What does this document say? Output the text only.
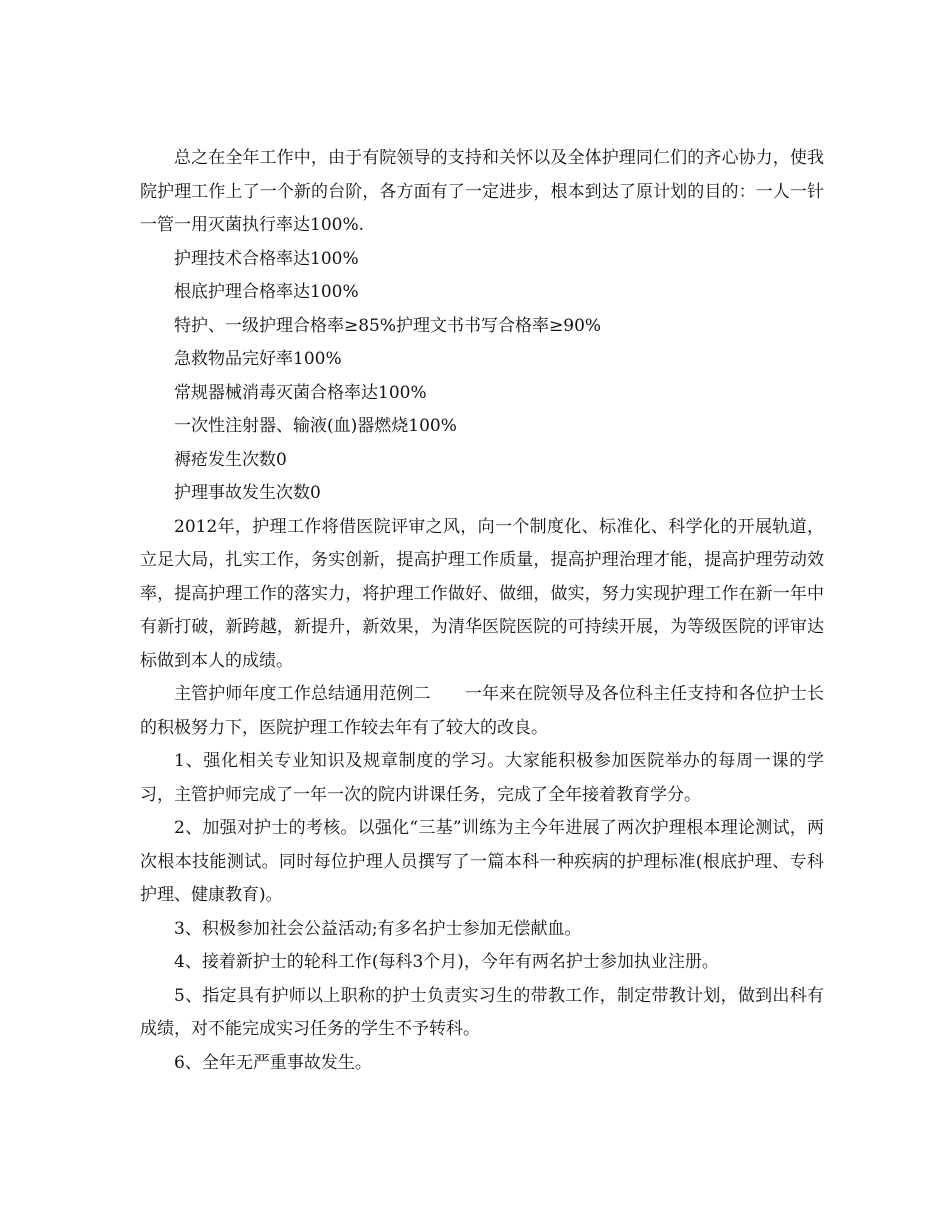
总之在全年工作中，由于有院领导的支持和关怀以及全体护理同仁们的齐心协力，使我院护理工作上了一个新的台阶，各方面有了一定进步，根本到达了原计划的目的：一人一针一管一用灭菌执行率达100%.

护理技术合格率达100%

根底护理合格率达100%

特护、一级护理合格率≥85%护理文书书写合格率≥90%

急救物品完好率100%

常规器械消毒灭菌合格率达100%

一次性注射器、输液(血)器燃烧100%

褥疮发生次数0

护理事故发生次数0

2012年，护理工作将借医院评审之风，向一个制度化、标准化、科学化的开展轨道，立足大局，扎实工作，务实创新，提高护理工作质量，提高护理治理才能，提高护理劳动效率，提高护理工作的落实力，将护理工作做好、做细，做实，努力实现护理工作在新一年中有新打破，新跨越，新提升，新效果，为清华医院医院的可持续开展，为等级医院的评审达标做到本人的成绩。

主管护师年度工作总结通用范例二　　一年来在院领导及各位科主任支持和各位护士长的积极努力下，医院护理工作较去年有了较大的改良。

1、强化相关专业知识及规章制度的学习。大家能积极参加医院举办的每周一课的学习，主管护师完成了一年一次的院内讲课任务，完成了全年接着教育学分。

2、加强对护士的考核。以强化“三基”训练为主今年进展了两次护理根本理论测试，两次根本技能测试。同时每位护理人员撰写了一篇本科一种疾病的护理标准(根底护理、专科护理、健康教育)。

3、积极参加社会公益活动;有多名护士参加无偿献血。

4、接着新护士的轮科工作(每科3个月)，今年有两名护士参加执业注册。

5、指定具有护师以上职称的护士负责实习生的带教工作，制定带教计划，做到出科有成绩，对不能完成实习任务的学生不予转科。

6、全年无严重事故发生。
